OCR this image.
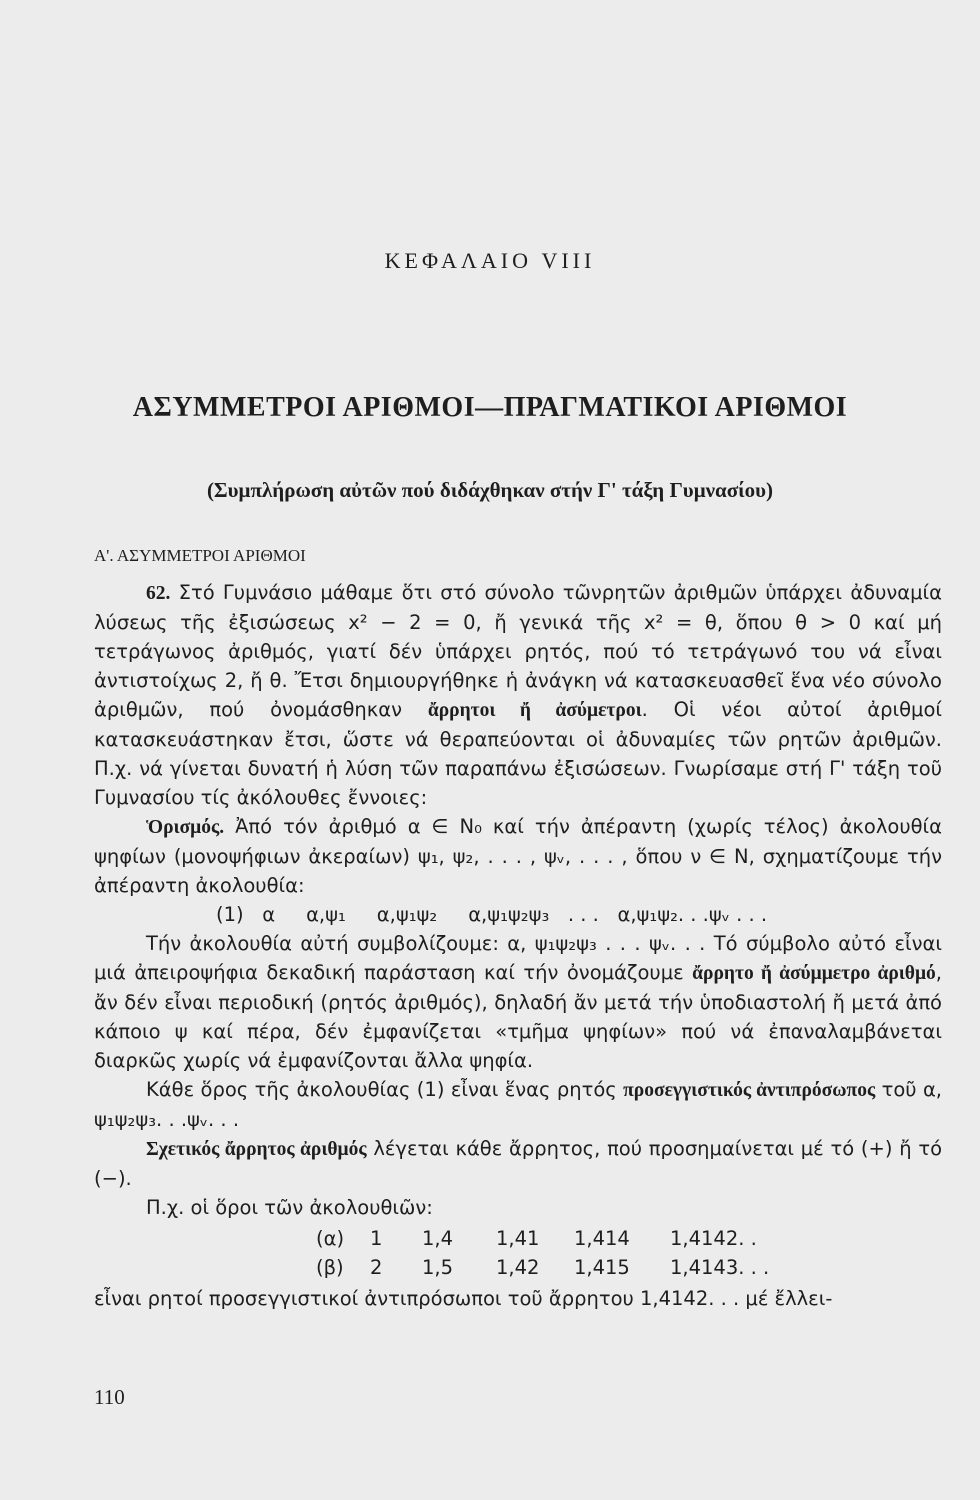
ΚΕΦΑΛΑΙΟ VIII
ΑΣΥΜΜΕΤΡΟΙ ΑΡΙΘΜΟΙ—ΠΡΑΓΜΑΤΙΚΟΙ ΑΡΙΘΜΟΙ
(Συμπλήρωση αὐτῶν πού διδάχθηκαν στήν Γ' τάξη Γυμνασίου)
Α'. ΑΣΥΜΜΕΤΡΟΙ ΑΡΙΘΜΟΙ

62. Στό Γυμνάσιο μάθαμε ὅτι στό σύνολο τῶνρητῶν ἀριθμῶν ὑπάρχει ἀδυναμία λύσεως τῆς ἐξισώσεως x² − 2 = 0, ἤ γενικά τῆς x² = θ, ὅπου θ > 0 καί μή τετράγωνος ἀριθμός, γιατί δέν ὑπάρχει ρητός, πού τό τετράγωνό του νά εἶναι ἀντιστοίχως 2, ἤ θ. Ἔτσι δημιουργήθηκε ἡ ἀνάγκη νά κατασκευασθεῖ ἕνα νέο σύνολο ἀριθμῶν, πού ὀνομάσθηκαν ἄρρητοι ἤ ἀσύμετροι. Οἱ νέοι αὐτοί ἀριθμοί κατασκευάστηκαν ἔτσι, ὥστε νά θεραπεύονται οἱ ἀδυναμίες τῶν ρητῶν ἀριθμῶν. Π.χ. νά γίνεται δυνατή ἡ λύση τῶν παραπάνω ἐξισώσεων. Γνωρίσαμε στή Γ' τάξη τοῦ Γυμνασίου τίς ἀκόλουθες ἔννοιες:

Ὁρισμός. Ἀπό τόν ἀριθμό α ∈ N₀ καί τήν ἀπέραντη (χωρίς τέλος) ἀκολουθία ψηφίων (μονοψήφιων ἀκεραίων) ψ₁, ψ₂, . . . , ψᵥ, . . . , ὅπου ν ∈ N, σχηματίζουμε τήν ἀπέραντη ἀκολουθία:

(1)   α     α,ψ₁     α,ψ₁ψ₂     α,ψ₁ψ₂ψ₃   . . .   α,ψ₁ψ₂. . .ψᵥ . . .

Τήν ἀκολουθία αὐτή συμβολίζουμε: α, ψ₁ψ₂ψ₃ . . . ψᵥ. . . Τό σύμβολο αὐτό εἶναι μιά ἀπειροψήφια δεκαδική παράσταση καί τήν ὀνομάζουμε ἄρρητο ἤ ἀσύμμετρο ἀριθμό, ἄν δέν εἶναι περιοδική (ρητός ἀριθμός), δηλαδή ἄν μετά τήν ὑποδιαστολή ἤ μετά ἀπό κάποιο ψ καί πέρα, δέν ἐμφανίζεται «τμῆμα ψηφίων» πού νά ἐπαναλαμβάνεται διαρκῶς χωρίς νά ἐμφανίζονται ἄλλα ψηφία.

Κάθε ὅρος τῆς ἀκολουθίας (1) εἶναι ἕνας ρητός προσεγγιστικός ἀντιπρόσωπος τοῦ α, ψ₁ψ₂ψ₃. . .ψᵥ. . .

Σχετικός ἄρρητος ἀριθμός λέγεται κάθε ἄρρητος, πού προσημαίνεται μέ τό (+) ἤ τό (−).

Π.χ. οἱ ὅροι τῶν ἀκολουθιῶν:

(α)	1	1,4	1,41	1,414	1,4142. .
(β)	2	1,5	1,42	1,415	1,4143. . .

εἶναι ρητοί προσεγγιστικοί ἀντιπρόσωποι τοῦ ἄρρητου 1,4142. . . μέ ἔλλει-

110
